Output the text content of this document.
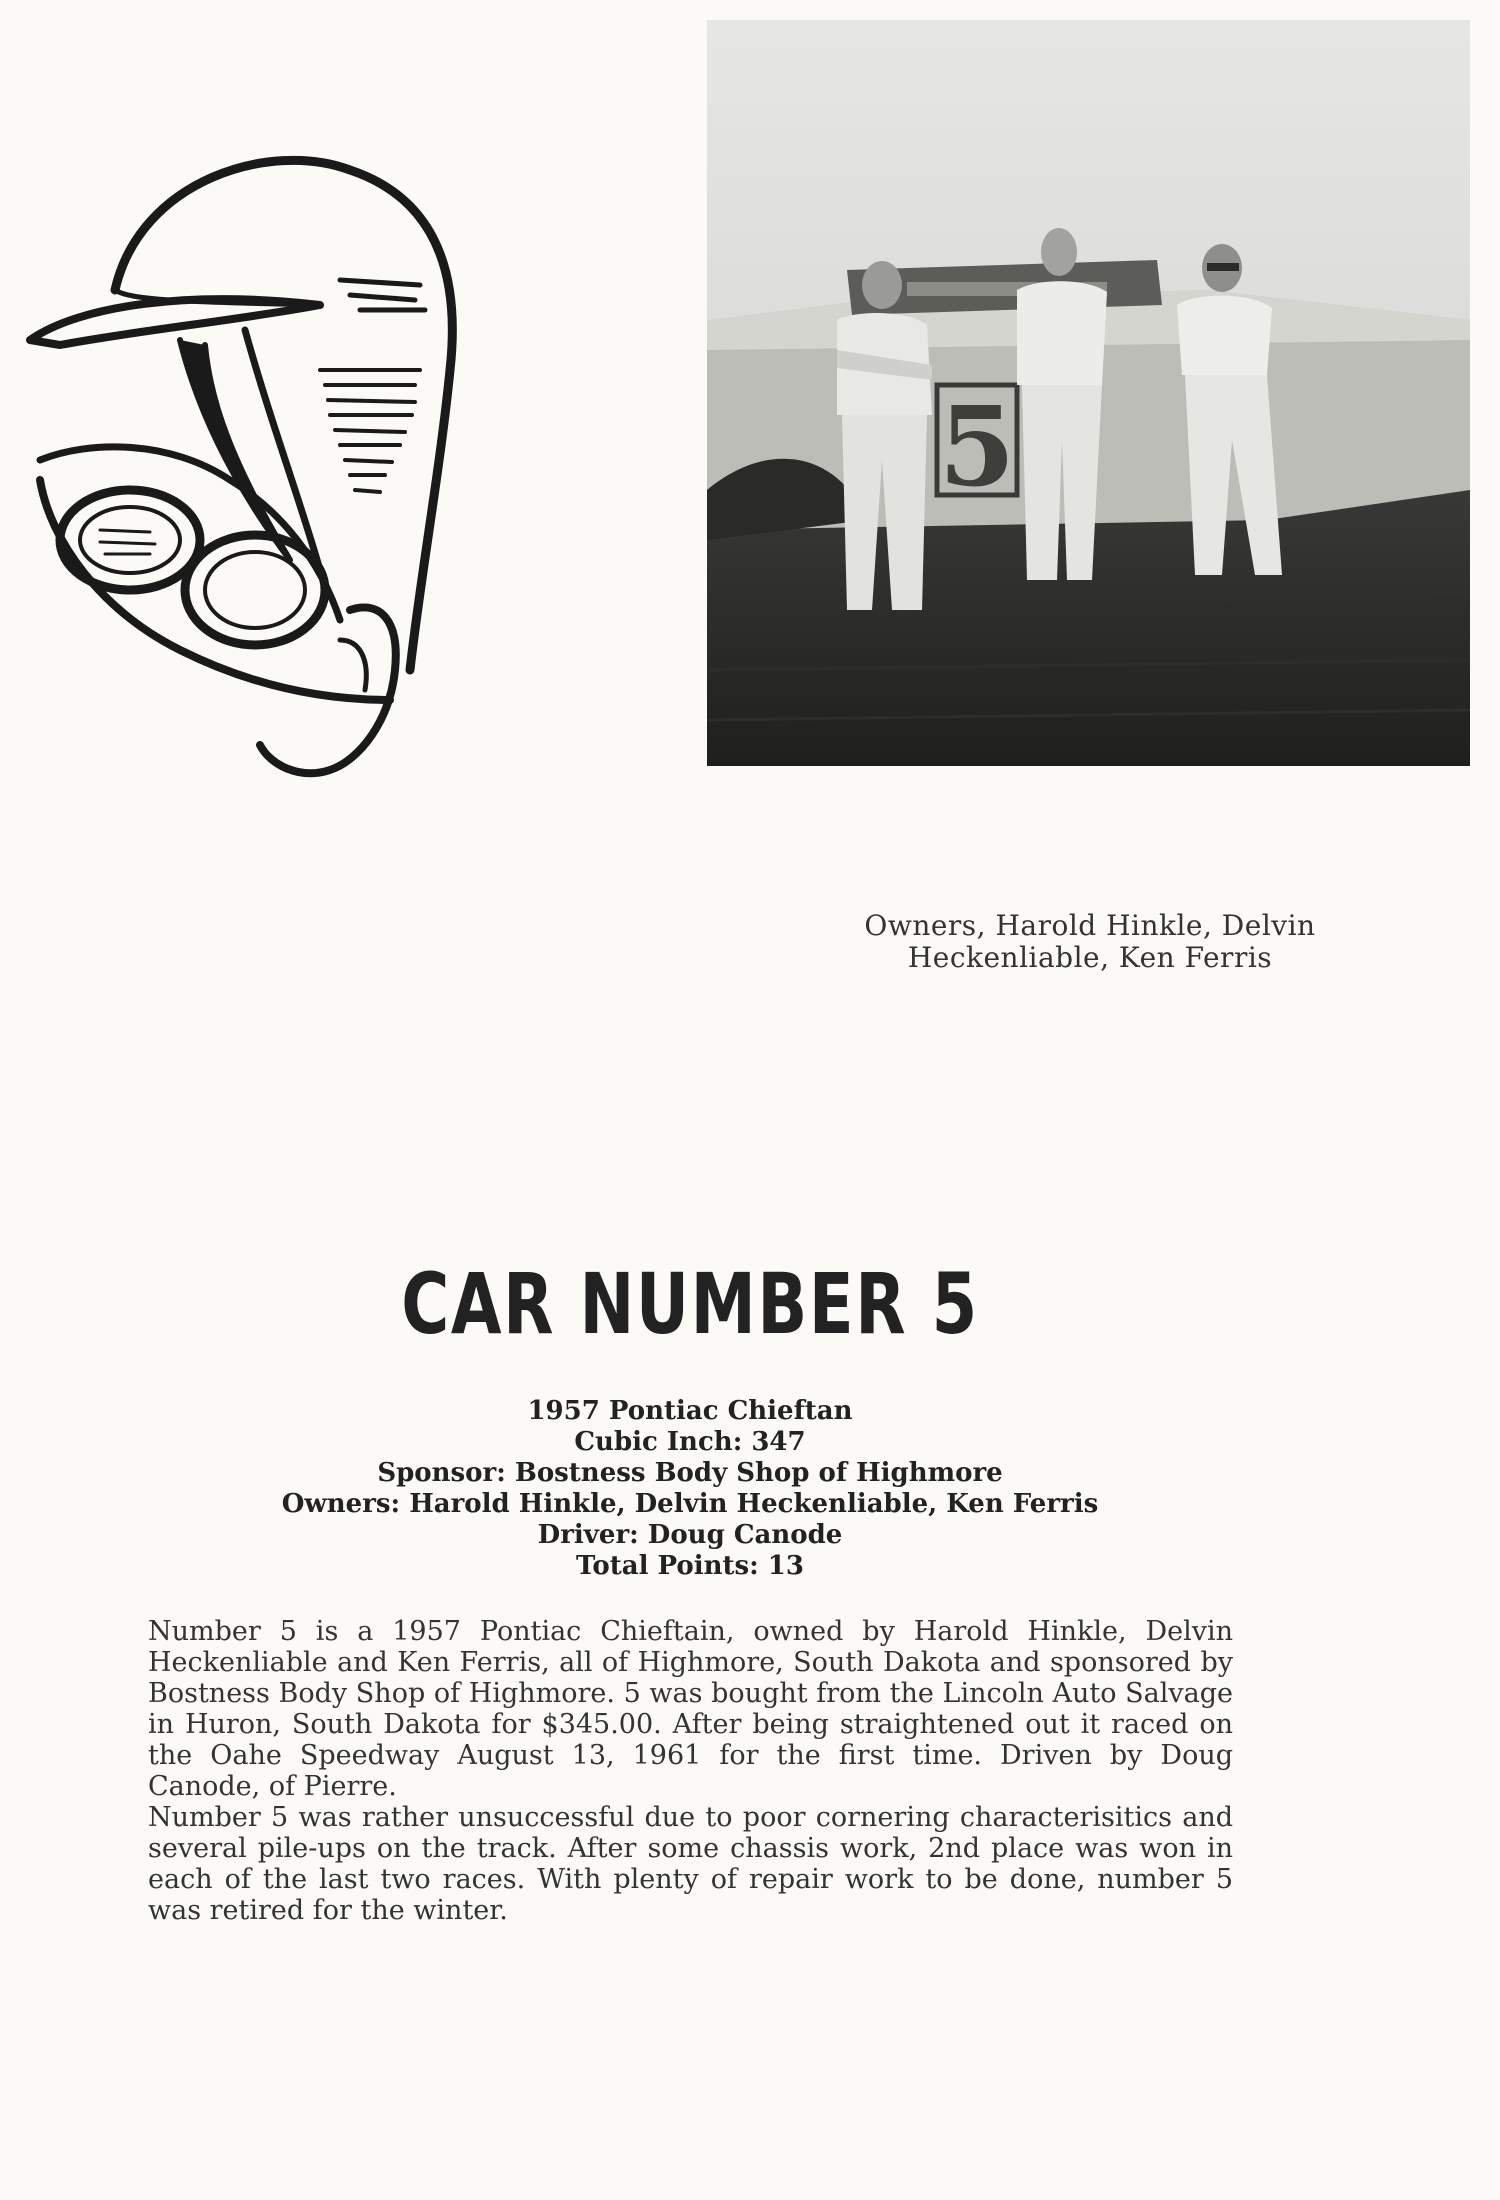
5
Owners, Harold Hinkle, Delvin
Heckenliable, Ken Ferris
CAR NUMBER 5
1957 Pontiac Chieftan
Cubic Inch: 347
Sponsor: Bostness Body Shop of Highmore
Owners: Harold Hinkle, Delvin Heckenliable, Ken Ferris
Driver: Doug Canode
Total Points: 13

Number 5 is a 1957 Pontiac Chieftain, owned by Harold Hinkle, Delvin Heckenliable and Ken Ferris, all of Highmore, South Dakota and sponsored by Bostness Body Shop of Highmore. 5 was bought from the Lincoln Auto Salvage in Huron, South Dakota for $345.00. After being straightened out it raced on the Oahe Speedway August 13, 1961 for the first time. Driven by Doug Canode, of Pierre.

Number 5 was rather unsuccessful due to poor cornering characterisitics and several pile-ups on the track. After some chassis work, 2nd place was won in each of the last two races. With plenty of repair work to be done, number 5 was retired for the winter.
